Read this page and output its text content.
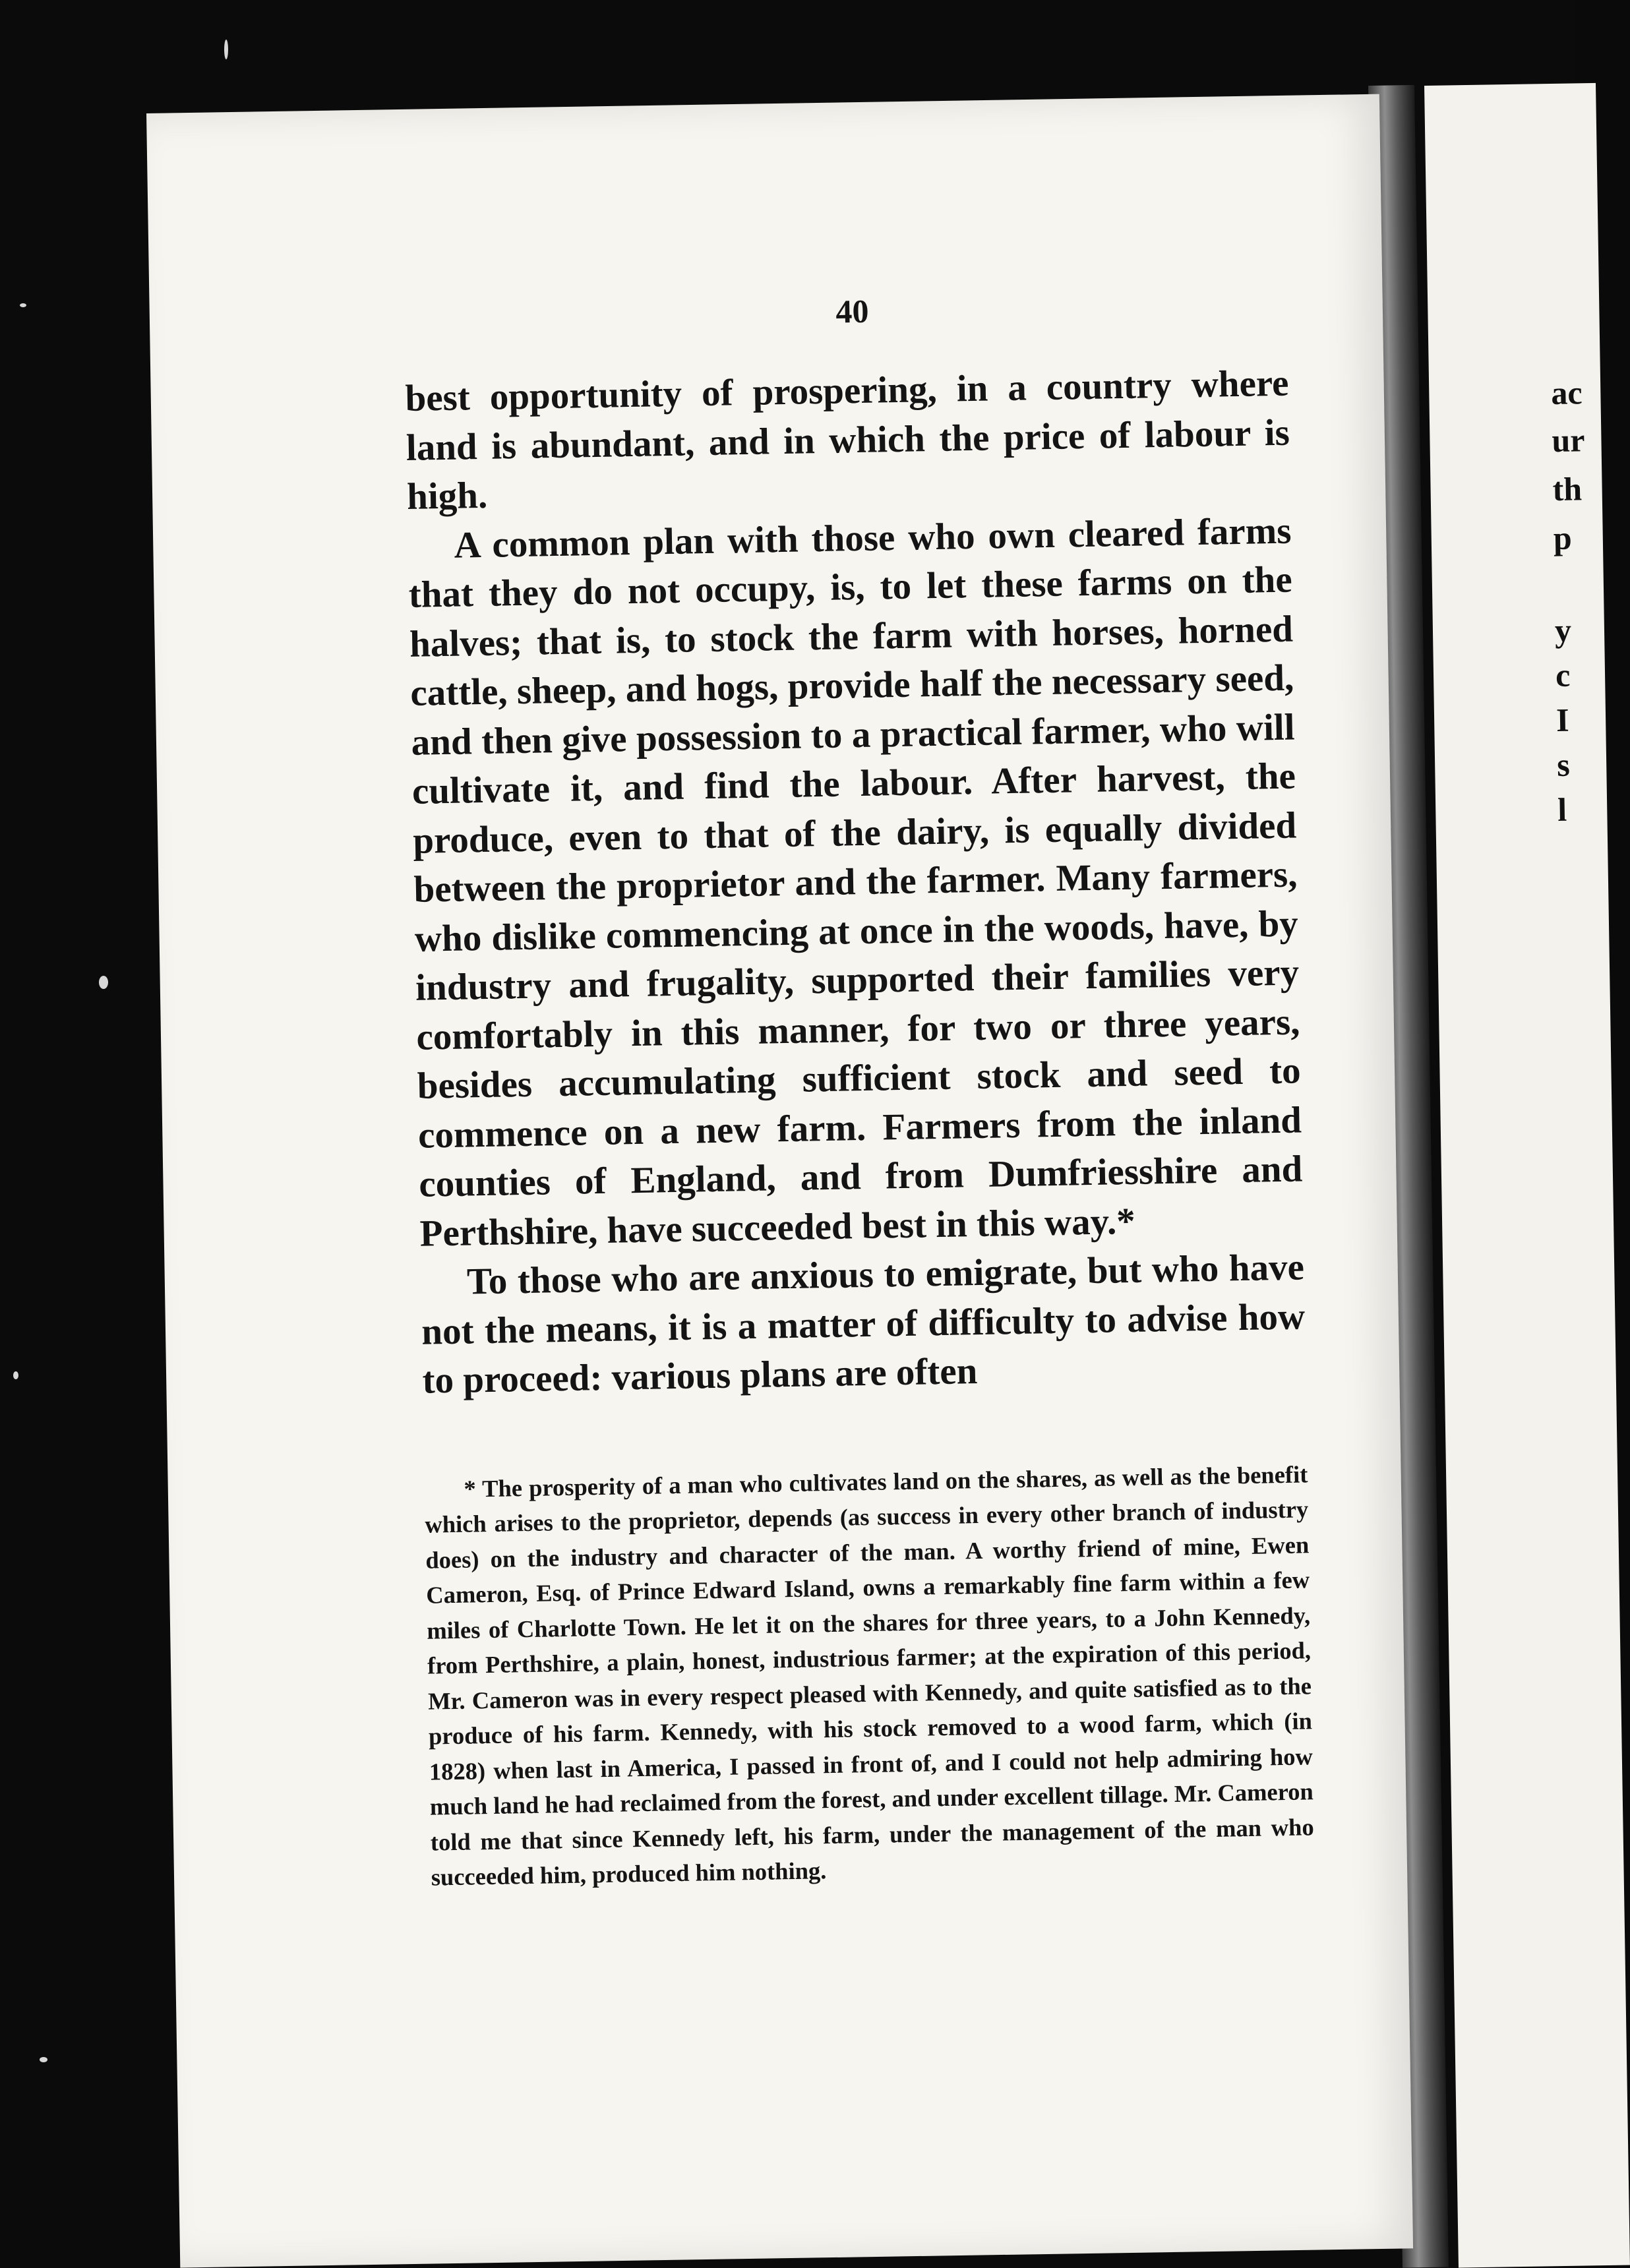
ac
ur
th
p
y
c
I
s
l
40

best opportunity of prospering, in a country where land is abundant, and in which the price of labour is high.

A common plan with those who own cleared farms that they do not occupy, is, to let these farms on the halves; that is, to stock the farm with horses, horned cattle, sheep, and hogs, provide half the necessary seed, and then give possession to a practical farmer, who will cultivate it, and find the labour. After harvest, the produce, even to that of the dairy, is equally divided between the proprietor and the farmer. Many farmers, who dislike commencing at once in the woods, have, by industry and frugality, supported their families very comfortably in this manner, for two or three years, besides accumulating sufficient stock and seed to commence on a new farm. Farmers from the inland counties of England, and from Dumfriesshire and Perthshire, have succeeded best in this way.*

To those who are anxious to emigrate, but who have not the means, it is a matter of difficulty to advise how to proceed: various plans are often

* The prosperity of a man who cultivates land on the shares, as well as the benefit which arises to the proprietor, depends (as success in every other branch of industry does) on the industry and character of the man. A worthy friend of mine, Ewen Cameron, Esq. of Prince Edward Island, owns a remarkably fine farm within a few miles of Charlotte Town. He let it on the shares for three years, to a John Kennedy, from Perthshire, a plain, honest, industrious farmer; at the expiration of this period, Mr. Cameron was in every respect pleased with Kennedy, and quite satisfied as to the produce of his farm. Kennedy, with his stock removed to a wood farm, which (in 1828) when last in America, I passed in front of, and I could not help admiring how much land he had reclaimed from the forest, and under excellent tillage. Mr. Cameron told me that since Kennedy left, his farm, under the management of the man who succeeded him, produced him nothing.
